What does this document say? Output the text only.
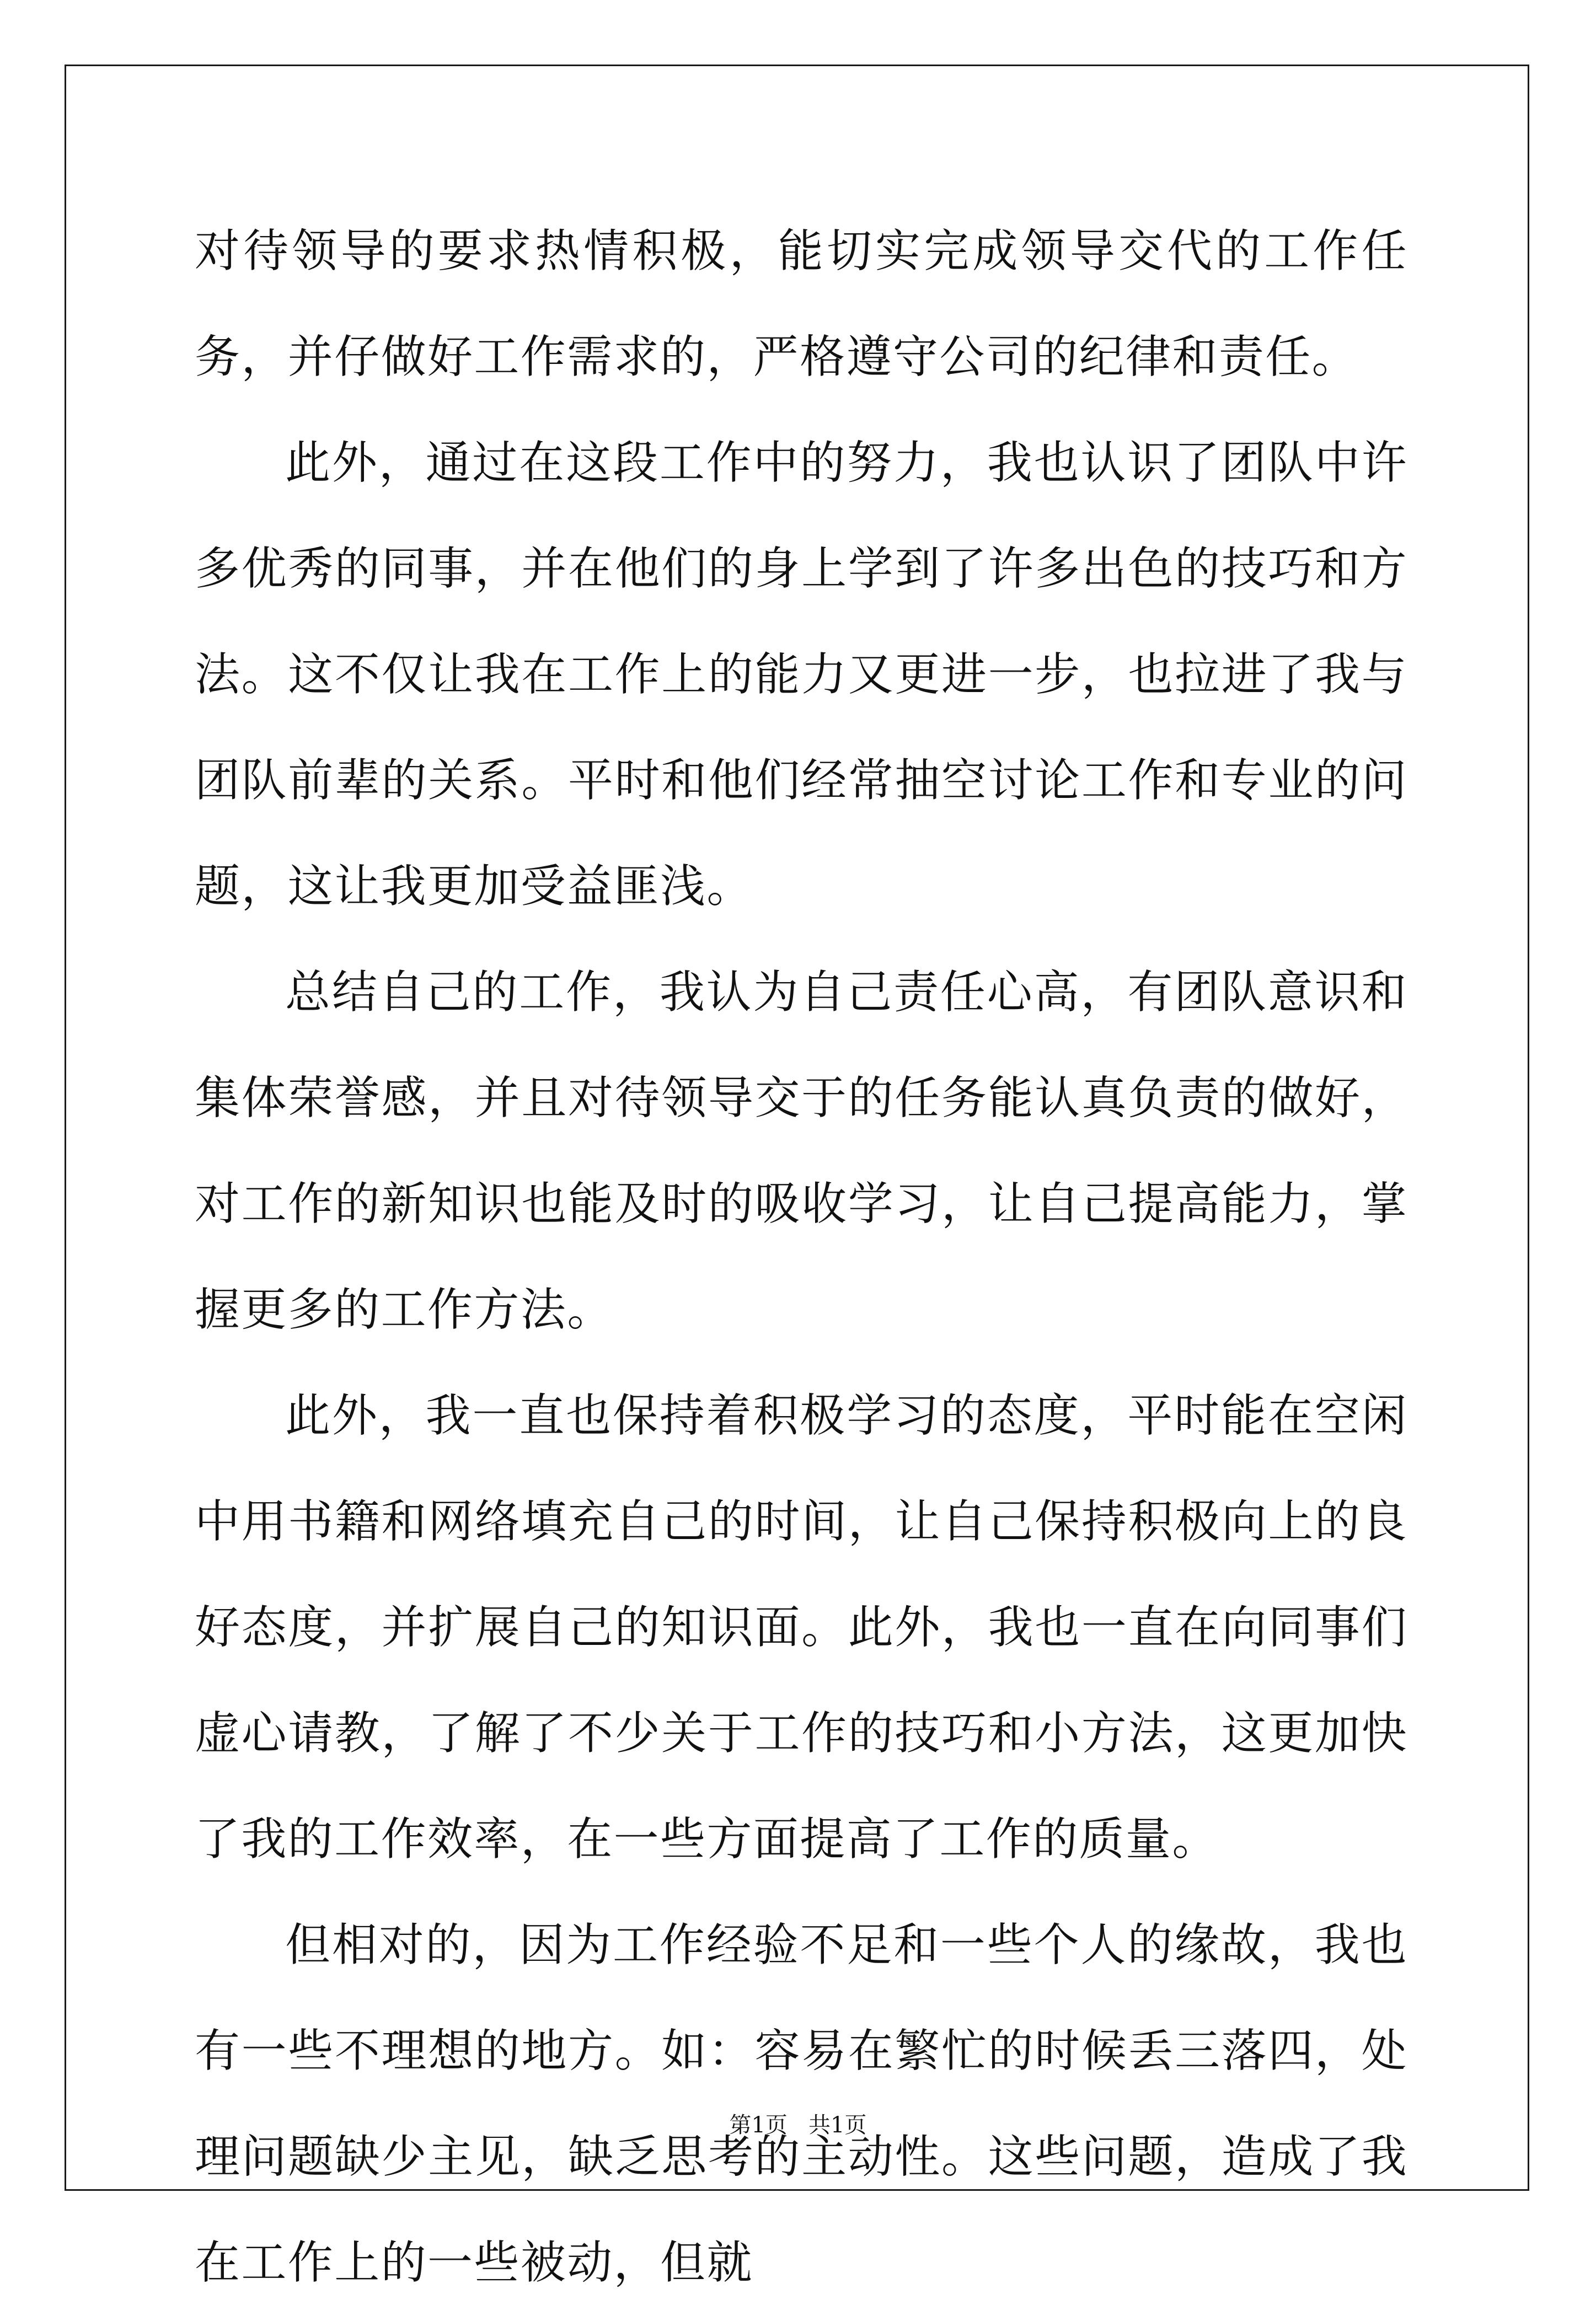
对待领导的要求热情积极，能切实完成领导交代的工作任务，并仔做好工作需求的，严格遵守公司的纪律和责任。

此外，通过在这段工作中的努力，我也认识了团队中许多优秀的同事，并在他们的身上学到了许多出色的技巧和方法。这不仅让我在工作上的能力又更进一步，也拉进了我与团队前辈的关系。平时和他们经常抽空讨论工作和专业的问题，这让我更加受益匪浅。

总结自己的工作，我认为自己责任心高，有团队意识和集体荣誉感，并且对待领导交于的任务能认真负责的做好，对工作的新知识也能及时的吸收学习，让自己提高能力，掌握更多的工作方法。

此外，我一直也保持着积极学习的态度，平时能在空闲中用书籍和网络填充自己的时间，让自己保持积极向上的良好态度，并扩展自己的知识面。此外，我也一直在向同事们虚心请教，了解了不少关于工作的技巧和小方法，这更加快了我的工作效率，在一些方面提高了工作的质量。

但相对的，因为工作经验不足和一些个人的缘故，我也有一些不理想的地方。如：容易在繁忙的时候丢三落四，处理问题缺少主见，缺乏思考的主动性。这些问题，造成了我在工作上的一些被动，但就

第1页   共1页
